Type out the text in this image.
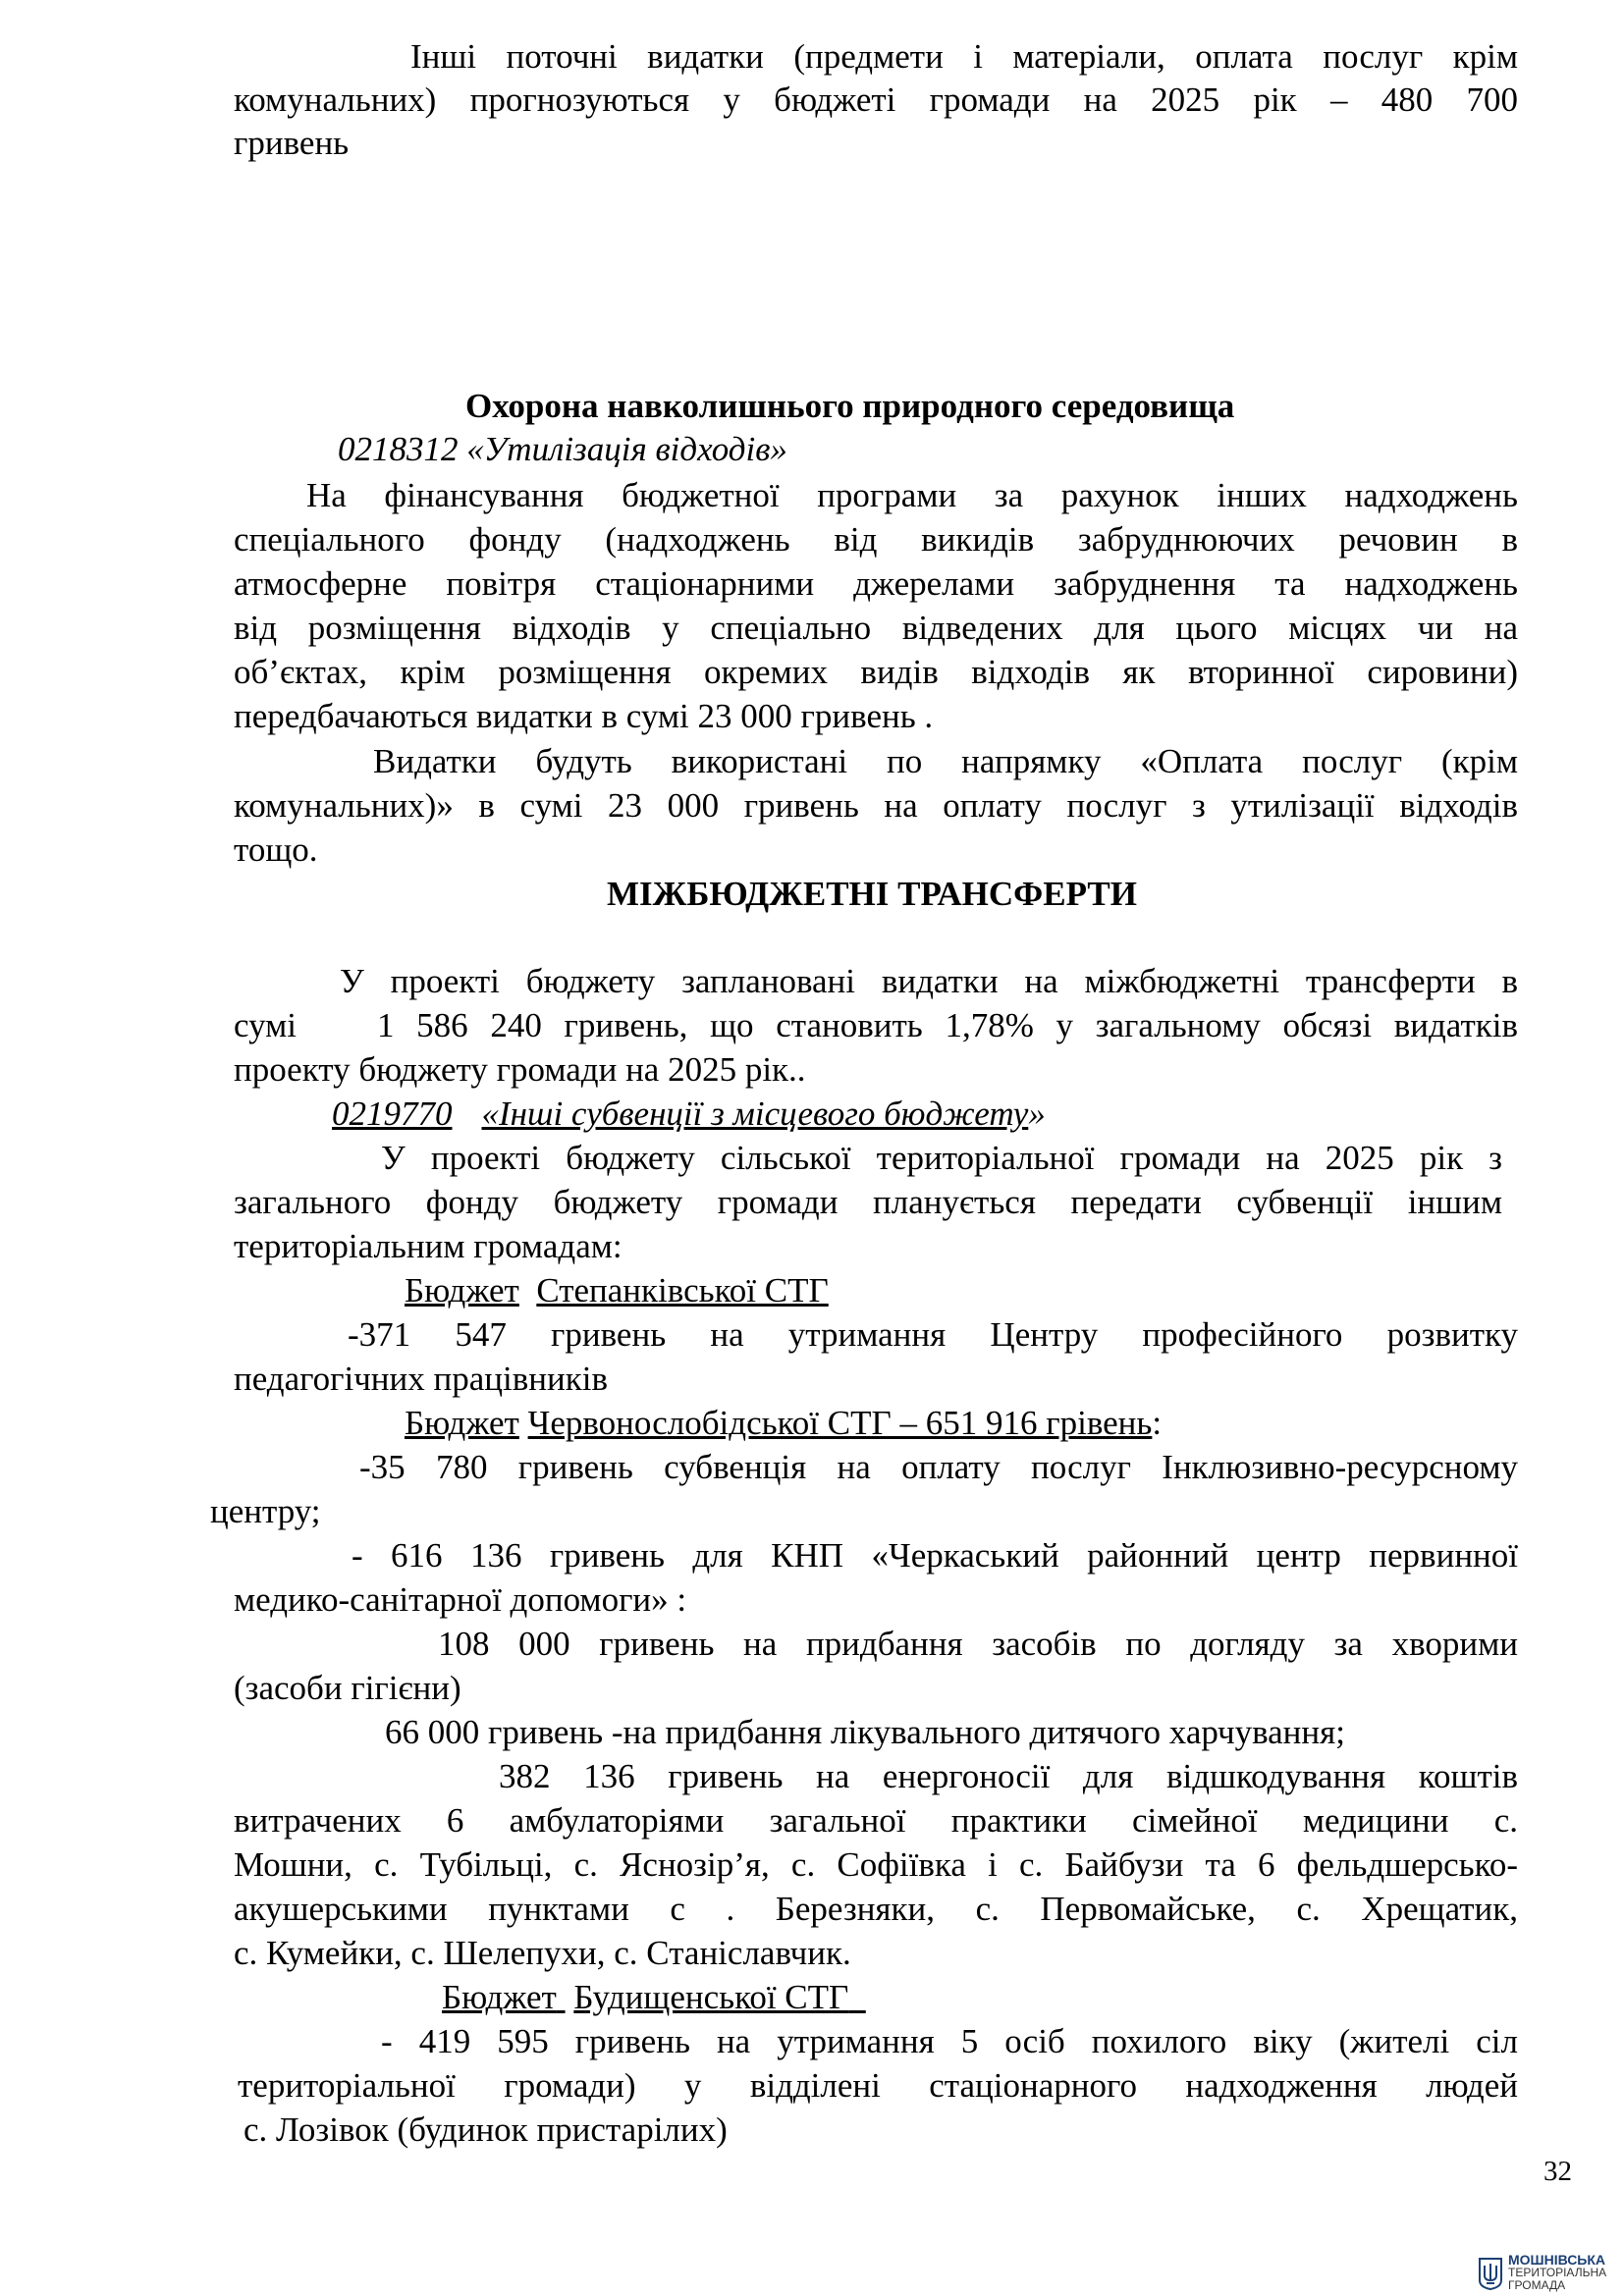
Інші поточні видатки (предмети і матеріали, оплата послуг крім
комунальних) прогнозуються у бюджеті громади на 2025 рік – 480 700
гривень
Охорона навколишнього природного середовища
0218312 «Утилізація відходів»
На фінансування бюджетної програми за рахунок інших надходжень
спеціального фонду (надходжень від викидів забруднюючих речовин в
атмосферне повітря стаціонарними джерелами забруднення та надходжень
від розміщення відходів у спеціально відведених для цього місцях чи на
об’єктах, крім розміщення окремих видів відходів як вторинної сировини)
передбачаються видатки в сумі 23 000 гривень .
Видатки будуть використані по напрямку «Оплата послуг (крім
комунальних)» в сумі 23 000 гривень на оплату послуг з утилізації відходів
тощо.
МІЖБЮДЖЕТНІ ТРАНСФЕРТИ
У проекті бюджету заплановані видатки на міжбюджетні трансферти в
сумі 1 586 240 гривень, що становить 1,78% у загальному обсязі видатків
проекту бюджету громади на 2025 рік..
0219770 «Інші субвенції з місцевого бюджету»
У проекті бюджету сільської територіальної громади на 2025 рік з
загального фонду бюджету громади планується передати субвенції іншим
територіальним громадам:
Бюджет Степанківської СТГ
-371 547 гривень на утримання Центру професійного розвитку
педагогічних працівників
Бюджет Червонослобідської СТГ – 651 916 грівень:
-35 780 гривень субвенція на оплату послуг Інклюзивно-ресурсному
центру;
- 616 136 гривень для КНП «Черкаський районний центр первинної
медико-санітарної допомоги» :
108 000 гривень на придбання засобів по догляду за хворими
(засоби гігієни)
66 000 гривень -на придбання лікувального дитячого харчування;
382 136 гривень на енергоносії для відшкодування коштів
витрачених 6 амбулаторіями загальної практики сімейної медицини с.
Мошни, с. Тубільці, с. Яснозір’я, с. Софіївка і с. Байбузи та 6 фельдшерсько-
акушерськими пунктами с . Березняки, с. Первомайське, с. Хрещатик,
с. Кумейки, с. Шелепухи, с. Станіславчик.
Бюджет Будищенської СТГ
- 419 595 гривень на утримання 5 осіб похилого віку (жителі сіл
територіальної громади) у відділені стаціонарного надходження людей
с. Лозівок (будинок пристарілих)
32
МОШНІВСЬКА
ТЕРИТОРІАЛЬНА
ГРОМАДА
